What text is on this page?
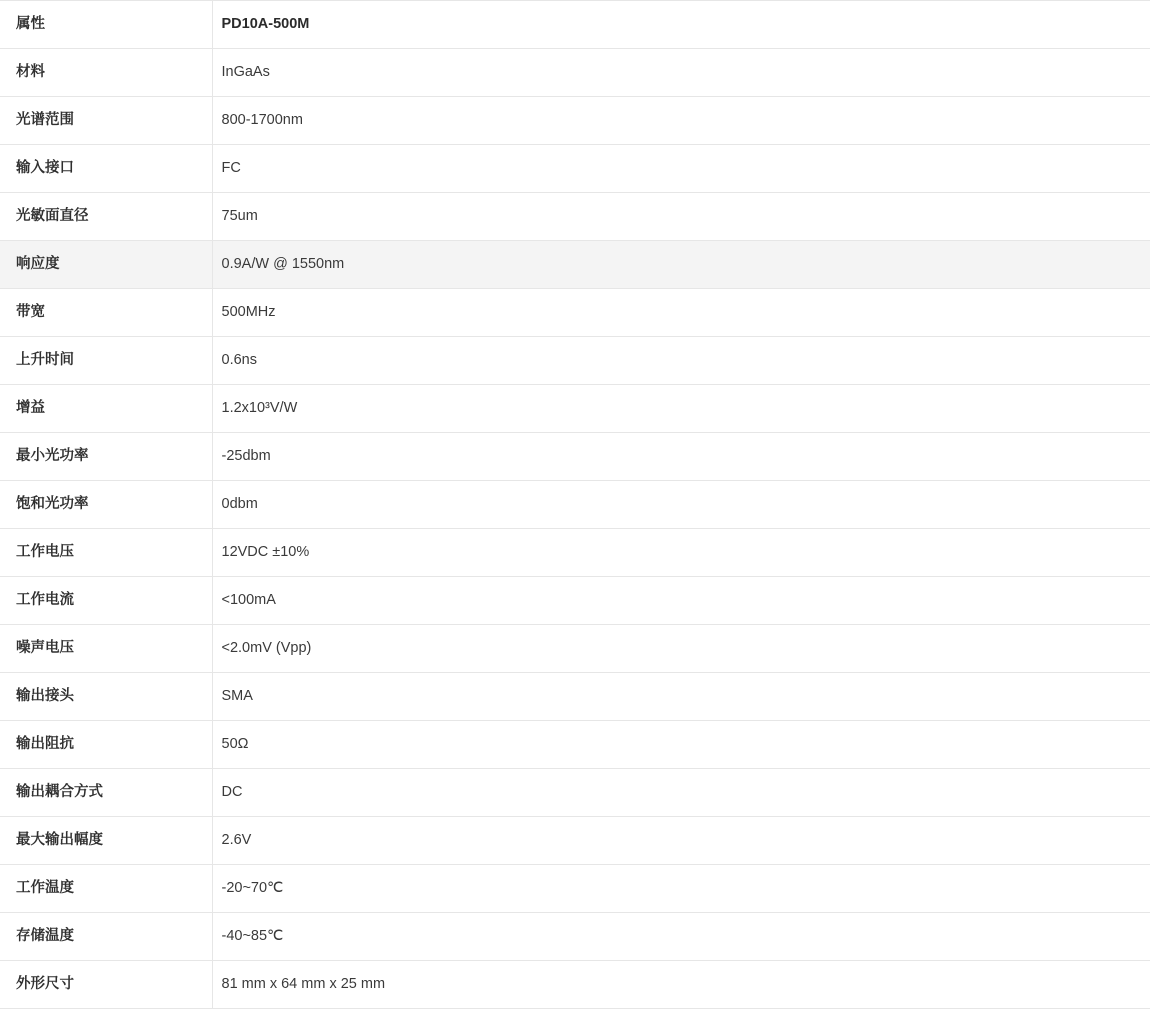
属性	PD10A-500M
材料	InGaAs
光谱范围	800-1700nm
输入接口	FC
光敏面直径	75um
响应度	0.9A/W @ 1550nm
带宽	500MHz
上升时间	0.6ns
增益	1.2x10³V/W
最小光功率	-25dbm
饱和光功率	0dbm
工作电压	12VDC ±10%
工作电流	<100mA
噪声电压	<2.0mV (Vpp)
输出接头	SMA
输出阻抗	50Ω
输出耦合方式	DC
最大输出幅度	2.6V
工作温度	-20~70℃
存储温度	-40~85℃
外形尺寸	81 mm x 64 mm x 25 mm
